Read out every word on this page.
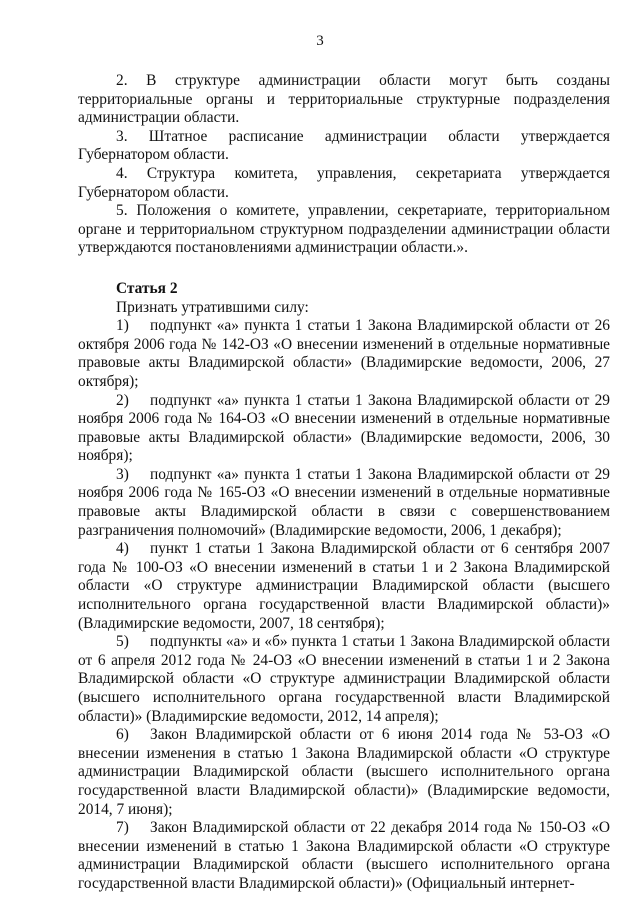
3

2. В структуре администрации области могут быть созданы территориальные органы и территориальные структурные подразделения администрации области.

3. Штатное расписание администрации области утверждается Губернатором области.

4. Структура комитета, управления, секретариата утверждается Губернатором области.

5. Положения о комитете, управлении, секретариате, территориальном органе и территориальном структурном подразделении администрации области утверждаются постановлениями администрации области.».

Статья 2

Признать утратившими силу:

1) подпункт «а» пункта 1 статьи 1 Закона Владимирской области от 26 октября 2006 года № 142-ОЗ «О внесении изменений в отдельные нормативные правовые акты Владимирской области» (Владимирские ведомости, 2006, 27 октября);

2) подпункт «а» пункта 1 статьи 1 Закона Владимирской области от 29 ноября 2006 года № 164-ОЗ «О внесении изменений в отдельные нормативные правовые акты Владимирской области» (Владимирские ведомости, 2006, 30 ноября);

3) подпункт «а» пункта 1 статьи 1 Закона Владимирской области от 29 ноября 2006 года № 165-ОЗ «О внесении изменений в отдельные нормативные правовые акты Владимирской области в связи с совершенствованием разграничения полномочий» (Владимирские ведомости, 2006, 1 декабря);

4) пункт 1 статьи 1 Закона Владимирской области от 6 сентября 2007 года № 100-ОЗ «О внесении изменений в статьи 1 и 2 Закона Владимирской области «О структуре администрации Владимирской области (высшего исполнительного органа государственной власти Владимирской области)» (Владимирские ведомости, 2007, 18 сентября);

5) подпункты «а» и «б» пункта 1 статьи 1 Закона Владимирской области от 6 апреля 2012 года № 24-ОЗ «О внесении изменений в статьи 1 и 2 Закона Владимирской области «О структуре администрации Владимирской области (высшего исполнительного органа государственной власти Владимирской области)» (Владимирские ведомости, 2012, 14 апреля);

6) Закон Владимирской области от 6 июня 2014 года № 53-ОЗ «О внесении изменения в статью 1 Закона Владимирской области «О структуре администрации Владимирской области (высшего исполнительного органа государственной власти Владимирской области)» (Владимирские ведомости, 2014, 7 июня);

7) Закон Владимирской области от 22 декабря 2014 года № 150-ОЗ «О внесении изменений в статью 1 Закона Владимирской области «О структуре администрации Владимирской области (высшего исполнительного органа государственной власти Владимирской области)» (Официальный интернет-
